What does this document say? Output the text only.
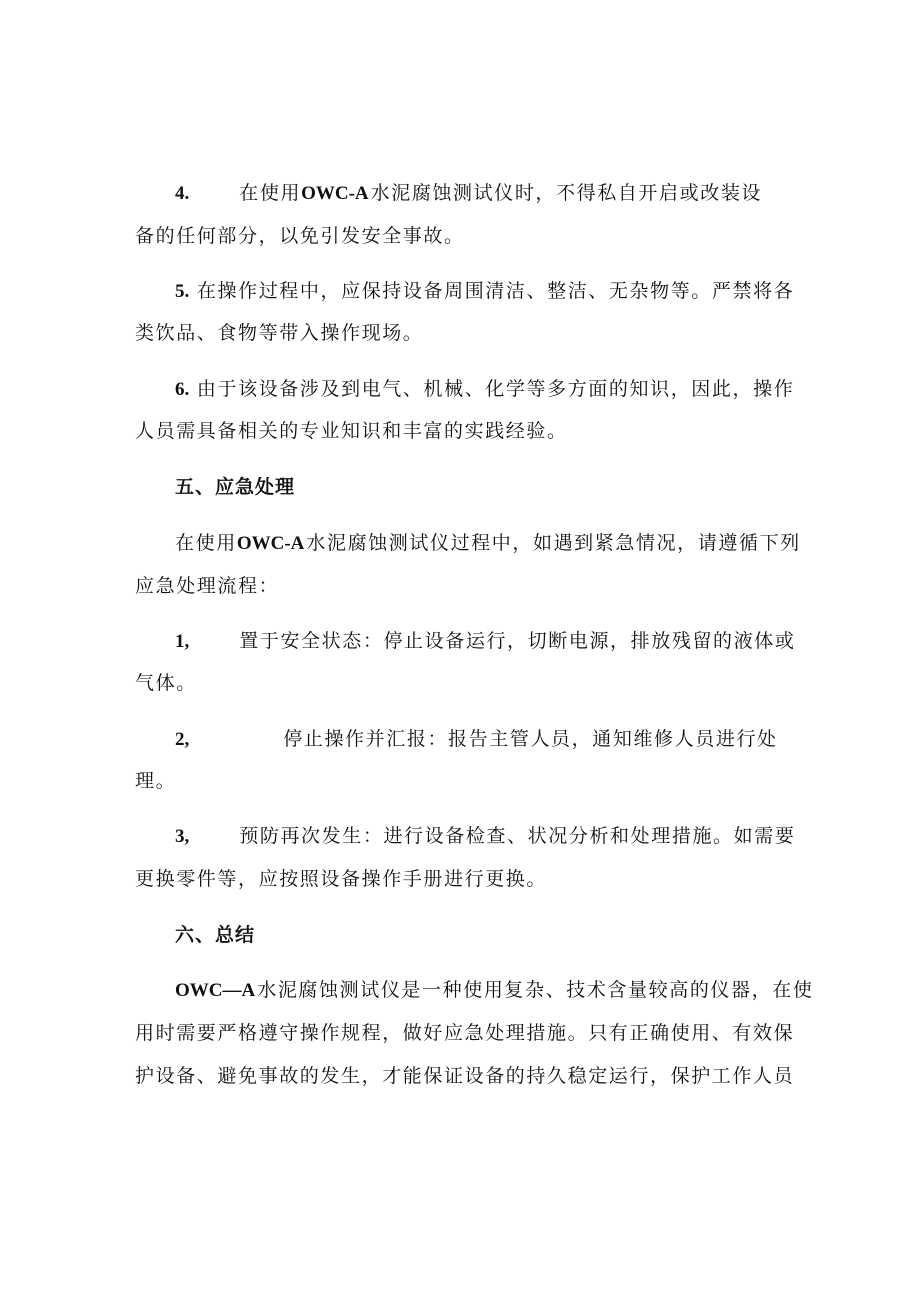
4.	在使用OWC-A 水泥腐蚀测试仪时，不得私自开启或改装设
备的任何部分，以免引发安全事故。
5. 在操作过程中，应保持设备周围清洁、整洁、无杂物等。严禁将各
类饮品、食物等带入操作现场。
6. 由于该设备涉及到电气、机械、化学等多方面的知识，因此，操作
人员需具备相关的专业知识和丰富的实践经验。
五、应急处理
在使用OWC-A 水泥腐蚀测试仪过程中，如遇到紧急情况，请遵循下列
应急处理流程：
1,	置于安全状态：停止设备运行，切断电源，排放残留的液体或
气体。
2,	停止操作并汇报：报告主管人员，通知维修人员进行处
理。
3,	预防再次发生：进行设备检查、状况分析和处理措施。如需要
更换零件等，应按照设备操作手册进行更换。
六、总结
OWC—A 水泥腐蚀测试仪是一种使用复杂、技术含量较高的仪器，在使
用时需要严格遵守操作规程，做好应急处理措施。只有正确使用、有效保
护设备、避免事故的发生，才能保证设备的持久稳定运行，保护工作人员
